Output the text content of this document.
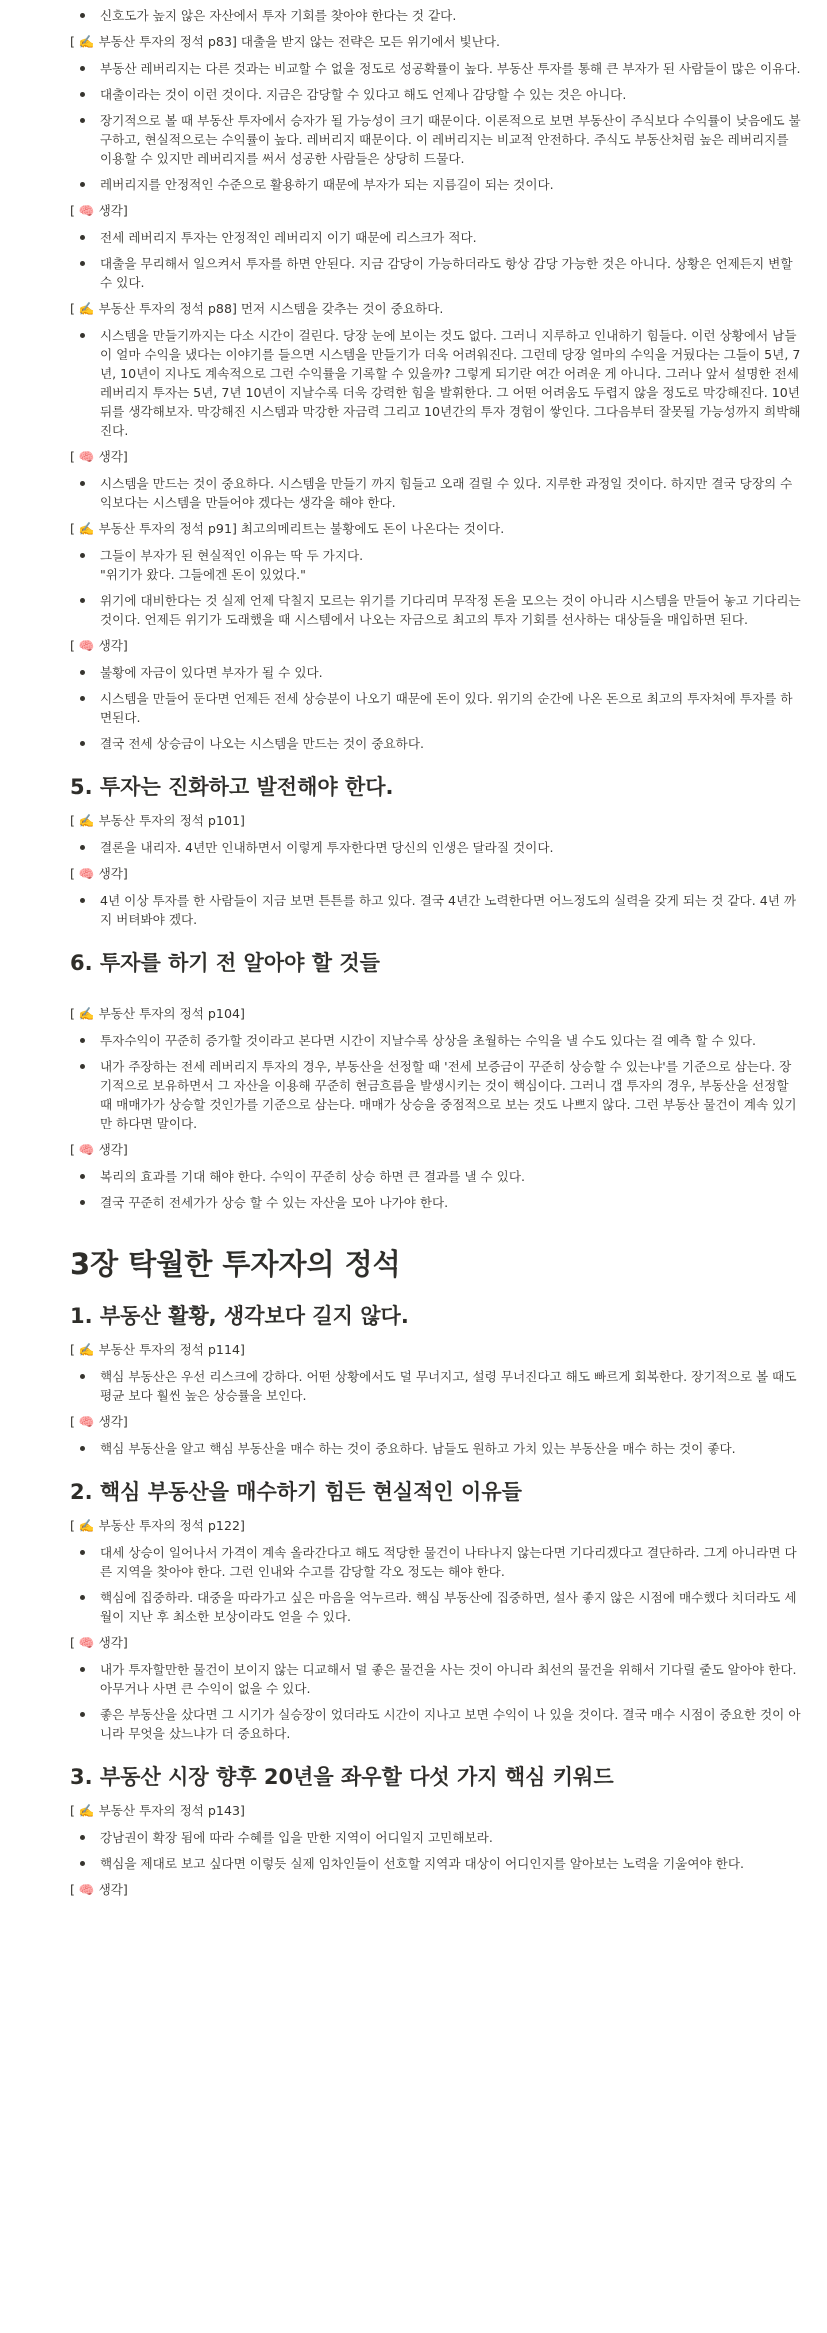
신호도가 높지 않은 자산에서 투자 기회를 찾아야 한다는 것 같다.
[ ✍️ 부동산 투자의 정석 p83] 대출을 받지 않는 전략은 모든 위기에서 빛난다.
부동산 레버리지는 다른 것과는 비교할 수 없을 정도로 성공확률이 높다. 부동산 투자를 통해 큰 부자가 된 사람들이 많은 이유다.
대출이라는 것이 이런 것이다. 지금은 감당할 수 있다고 해도 언제나 감당할 수 있는 것은 아니다.
장기적으로 볼 때 부동산 투자에서 승자가 될 가능성이 크기 때문이다. 이론적으로 보면 부동산이 주식보다 수익률이 낮음에도 불구하고, 현실적으로는 수익률이 높다. 레버리지 때문이다. 이 레버리지는 비교적 안전하다. 주식도 부동산처럼 높은 레버리지를 이용할 수 있지만 레버리지를 써서 성공한 사람들은 상당히 드물다.
레버리지를 안정적인 수준으로 활용하기 때문에 부자가 되는 지름길이 되는 것이다.
[ 🧠 생각]
전세 레버리지 투자는 안정적인 레버리지 이기 때문에 리스크가 적다.
대출을 무리해서 일으켜서 투자를 하면 안된다. 지금 감당이 가능하더라도 항상 감당 가능한 것은 아니다. 상황은 언제든지 변할 수 있다.
[ ✍️ 부동산 투자의 정석 p88] 먼저 시스템을 갖추는 것이 중요하다.
시스템을 만들기까지는 다소 시간이 걸린다. 당장 눈에 보이는 것도 없다. 그러니 지루하고 인내하기 힘들다. 이런 상황에서 남들이 얼마 수익을 냈다는 이야기를 들으면 시스템을 만들기가 더욱 어려워진다. 그런데 당장 얼마의 수익을 거뒀다는 그들이 5년, 7년, 10년이 지나도 계속적으로 그런 수익률을 기록할 수 있을까? 그렇게 되기란 여간 어려운 게 아니다. 그러나 앞서 설명한 전세 레버리지 투자는 5년, 7년 10년이 지날수록 더욱 강력한 힘을 발휘한다. 그 어떤 어려움도 두렵지 않을 정도로 막강해진다. 10년 뒤를 생각해보자. 막강해진 시스템과 막강한 자금력 그리고 10년간의 투자 경험이 쌓인다. 그다음부터 잘못될 가능성까지 희박해진다.
[ 🧠 생각]
시스템을 만드는 것이 중요하다. 시스템을 만들기 까지 힘들고 오래 걸릴 수 있다. 지루한 과정일 것이다. 하지만 결국 당장의 수익보다는 시스템을 만들어야 겠다는 생각을 해야 한다.
[ ✍️ 부동산 투자의 정석 p91] 최고의메리트는 불황에도 돈이 나온다는 것이다.
그들이 부자가 된 현실적인 이유는 딱 두 가지다.
"위기가 왔다. 그들에겐 돈이 있었다."
위기에 대비한다는 것 실제 언제 닥칠지 모르는 위기를 기다리며 무작정 돈을 모으는 것이 아니라 시스템을 만들어 놓고 기다리는 것이다. 언제든 위기가 도래했을 때 시스템에서 나오는 자금으로 최고의 투자 기회를 선사하는 대상들을 매입하면 된다.
[ 🧠 생각]
불황에 자금이 있다면 부자가 될 수 있다.
시스템을 만들어 둔다면 언제든 전세 상승분이 나오기 때문에 돈이 있다. 위기의 순간에 나온 돈으로 최고의 투자처에 투자를 하면된다.
결국 전세 상승금이 나오는 시스템을 만드는 것이 중요하다.
5. 투자는 진화하고 발전해야 한다.
[ ✍️ 부동산 투자의 정석 p101]
결론을 내리자. 4년만 인내하면서 이렇게 투자한다면 당신의 인생은 달라질 것이다.
[ 🧠 생각]
4년 이상 투자를 한 사람들이 지금 보면 튼튼를 하고 있다. 결국 4년간 노력한다면 어느정도의 실력을 갖게 되는 것 같다. 4년 까지 버텨봐야 겠다.
6. 투자를 하기 전 알아야 할 것들
[ ✍️ 부동산 투자의 정석 p104]
투자수익이 꾸준히 증가할 것이라고 본다면 시간이 지날수록 상상을 초월하는 수익을 낼 수도 있다는 걸 예측 할 수 있다.
내가 주장하는 전세 레버리지 투자의 경우, 부동산을 선정할 때 '전세 보증금이 꾸준히 상승할 수 있는냐'를 기준으로 삼는다. 장기적으로 보유하면서 그 자산을 이용해 꾸준히 현금흐름을 발생시키는 것이 핵심이다. 그러니 갭 투자의 경우, 부동산을 선정할 때 매매가가 상승할 것인가를 기준으로 삼는다. 매매가 상승을 중점적으로 보는 것도 나쁘지 않다. 그런 부동산 물건이 계속 있기만 하다면 말이다.
[ 🧠 생각]
복리의 효과를 기대 해야 한다. 수익이 꾸준히 상승 하면 큰 결과를 낼 수 있다.
결국 꾸준히 전세가가 상승 할 수 있는 자산을 모아 나가야 한다.
3장 탁월한 투자자의 정석
1. 부동산 활황, 생각보다 길지 않다.
[ ✍️ 부동산 투자의 정석 p114]
핵심 부동산은 우선 리스크에 강하다. 어떤 상황에서도 덜 무너지고, 설령 무너진다고 해도 빠르게 회복한다. 장기적으로 볼 때도 평균 보다 훨씬 높은 상승률을 보인다.
[ 🧠 생각]
핵심 부동산을 알고 핵심 부동산을 매수 하는 것이 중요하다. 남들도 원하고 가치 있는 부동산을 매수 하는 것이 좋다.
2. 핵심 부동산을 매수하기 힘든 현실적인 이유들
[ ✍️ 부동산 투자의 정석 p122]
대세 상승이 일어나서 가격이 계속 올라간다고 해도 적당한 물건이 나타나지 않는다면 기다리겠다고 결단하라. 그게 아니라면 다른 지역을 찾아야 한다. 그런 인내와 수고를 감당할 각오 정도는 해야 한다.
핵심에 집중하라. 대중을 따라가고 싶은 마음을 억누르라. 핵심 부동산에 집중하면, 설사 좋지 않은 시점에 매수했다 치더라도 세월이 지난 후 최소한 보상이라도 얻을 수 있다.
[ 🧠 생각]
내가 투자할만한 물건이 보이지 않는 디교해서 덜 좋은 물건을 사는 것이 아니라 최선의 물건을 위해서 기다릴 줄도 알아야 한다. 아무거나 사면 큰 수익이 없을 수 있다.
좋은 부동산을 샀다면 그 시기가 실승장이 었더라도 시간이 지나고 보면 수익이 나 있을 것이다. 결국 매수 시점이 중요한 것이 아니라 무엇을 샀느냐가 더 중요하다.
3. 부동산 시장 향후 20년을 좌우할 다섯 가지 핵심 키워드
[ ✍️ 부동산 투자의 정석 p143]
강남권이 확장 됨에 따라 수혜를 입을 만한 지역이 어디일지 고민해보라.
핵심을 제대로 보고 싶다면 이렇듯 실제 임차인들이 선호할 지역과 대상이 어디인지를 알아보는 노력을 기울여야 한다.
[ 🧠 생각]
